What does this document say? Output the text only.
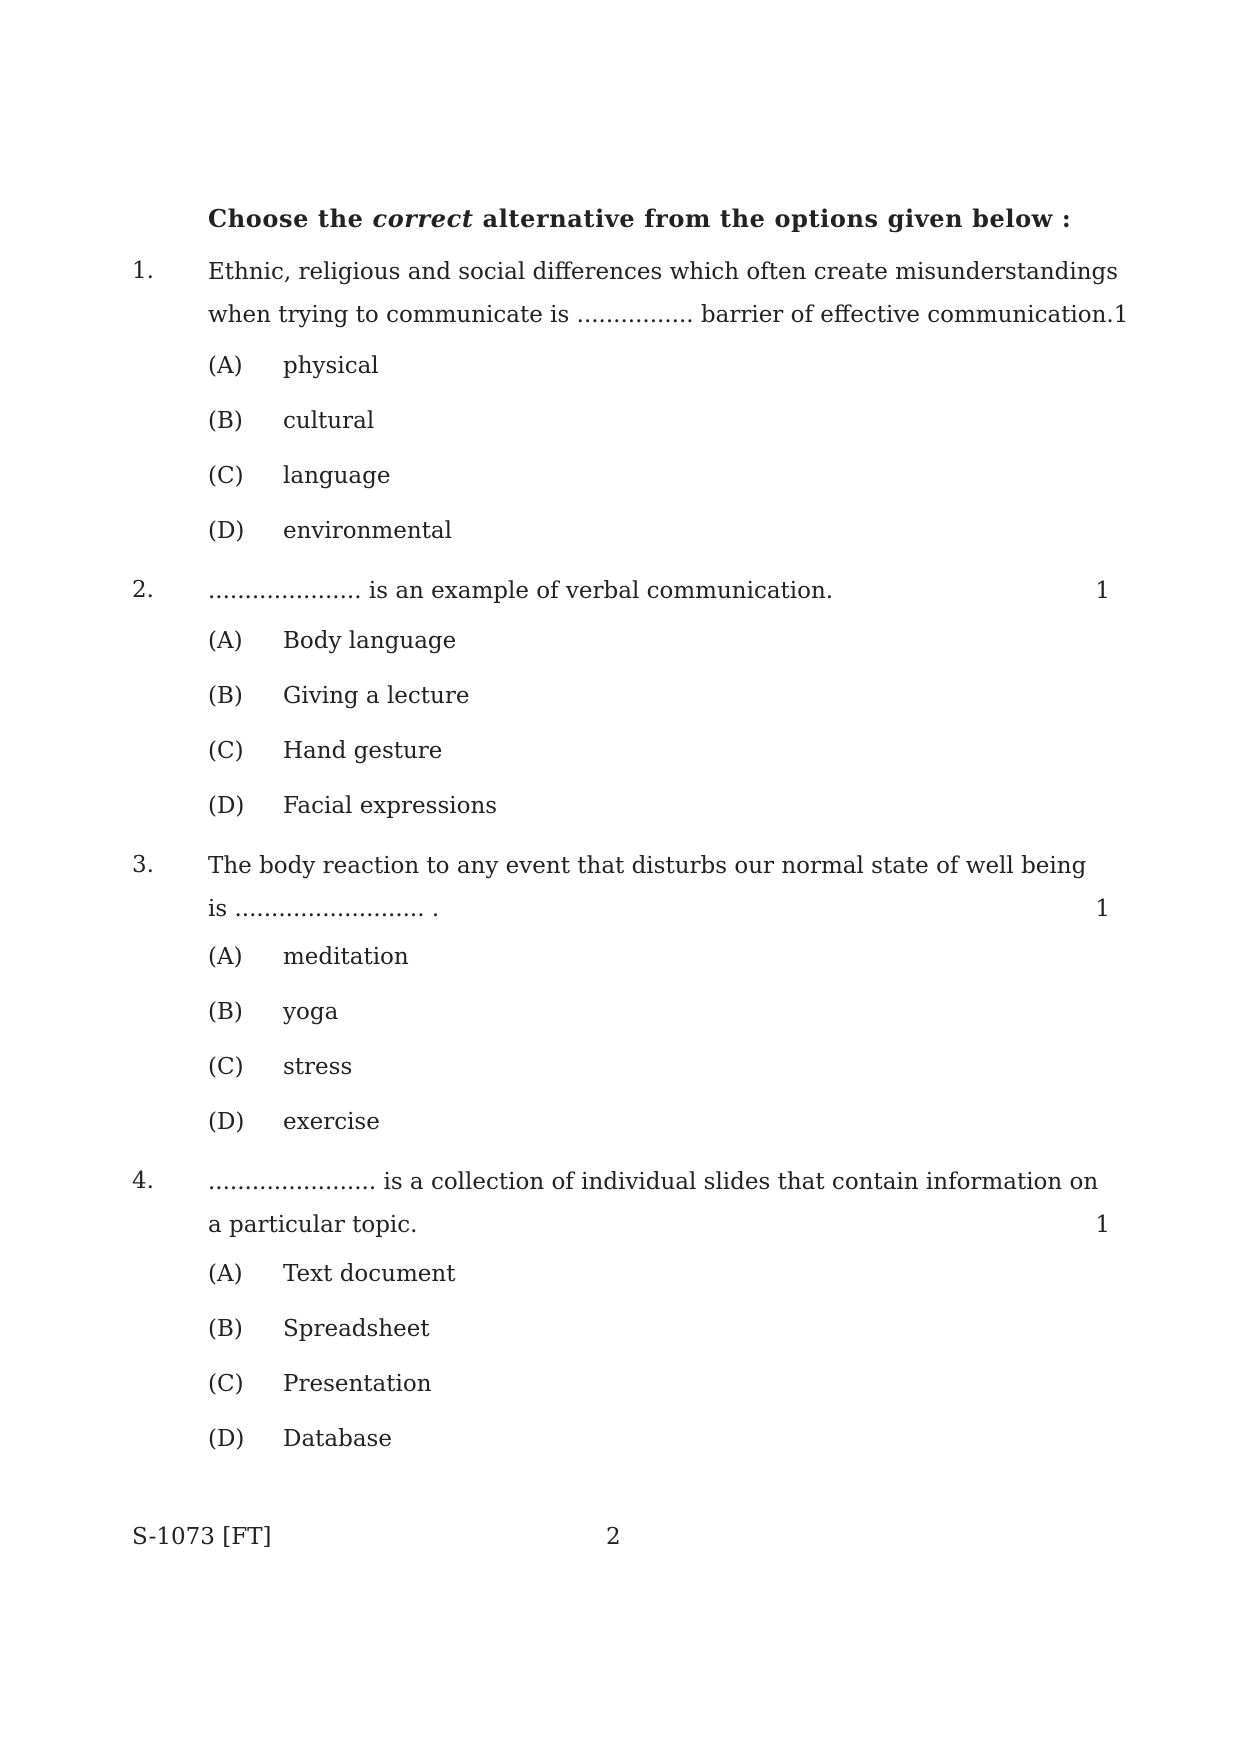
Choose the correct alternative from the options given below :
1. Ethnic, religious and social differences which often create misunderstandings
when trying to communicate is ................ barrier of effective communication. 1
(A)	physical
(B)	cultural
(C)	language
(D)	environmental
2. ..................... is an example of verbal communication.	1
(A)	Body language
(B)	Giving a lecture
(C)	Hand gesture
(D)	Facial expressions
3. The body reaction to any event that disturbs our normal state of well being
is .......................... .	1
(A)	meditation
(B)	yoga
(C)	stress
(D)	exercise
4. ....................... is a collection of individual slides that contain information on
a particular topic.	1
(A)	Text document
(B)	Spreadsheet
(C)	Presentation
(D)	Database
S-1073 [FT]	2
